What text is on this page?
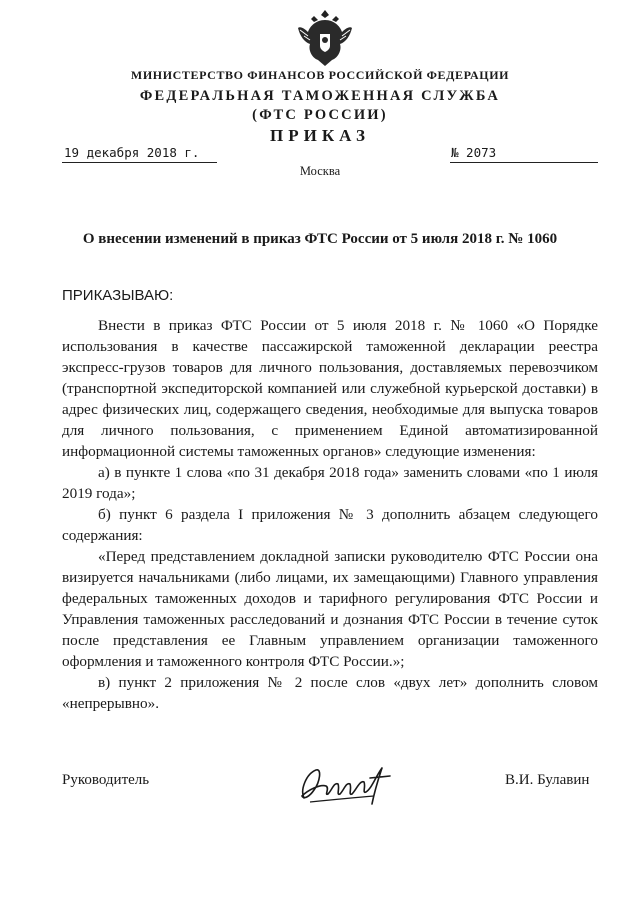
МИНИСТЕРСТВО ФИНАНСОВ РОССИЙСКОЙ ФЕДЕРАЦИИ
ФЕДЕРАЛЬНАЯ ТАМОЖЕННАЯ СЛУЖБА
(ФТС РОССИИ)
ПРИКАЗ
19 декабря 2018 г.	№ 2073
Москва
О внесении изменений в приказ ФТС России от 5 июля 2018 г. № 1060
ПРИКАЗЫВАЮ:

Внести в приказ ФТС России от 5 июля 2018 г. № 1060 «О Порядке использования в качестве пассажирской таможенной декларации реестра экспресс-грузов товаров для личного пользования, доставляемых перевозчиком (транспортной экспедиторской компанией или служебной курьерской доставки) в адрес физических лиц, содержащего сведения, необходимые для выпуска товаров для личного пользования, с применением Единой автоматизированной информационной системы таможенных органов» следующие изменения:

а) в пункте 1 слова «по 31 декабря 2018 года» заменить словами «по 1 июля 2019 года»;

б) пункт 6 раздела I приложения № 3 дополнить абзацем следующего содержания:

«Перед представлением докладной записки руководителю ФТС России она визируется начальниками (либо лицами, их замещающими) Главного управления федеральных таможенных доходов и тарифного регулирования ФТС России и Управления таможенных расследований и дознания ФТС России в течение суток после представления ее Главным управлением организации таможенного оформления и таможенного контроля ФТС России.»;

в) пункт 2 приложения № 2 после слов «двух лет» дополнить словом «непрерывно».

Руководитель	В.И. Булавин
